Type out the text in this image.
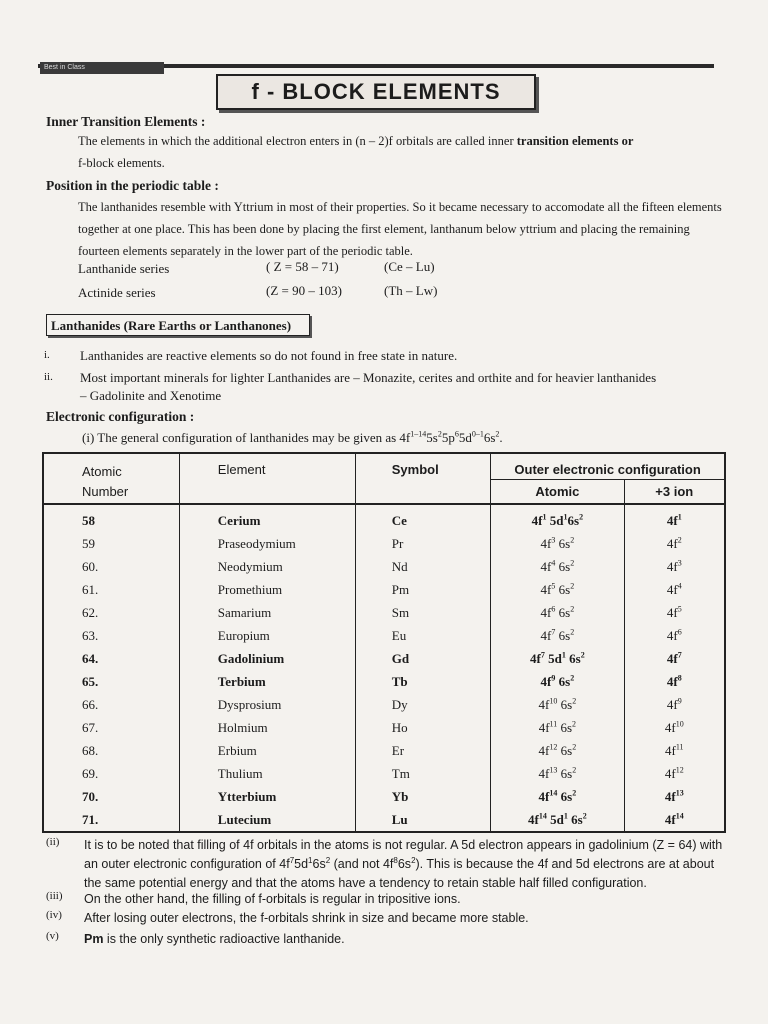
Best in Class
f - BLOCK ELEMENTS
Inner Transition Elements :
The elements in which the additional electron enters in (n – 2)f orbitals are called inner transition elements or
f-block elements.
Position in the periodic table :
The lanthanides resemble with Yttrium in most of their properties. So it became necessary to accomodate all the fifteen elements together at one place. This has been done by placing the first element, lanthanum below yttrium and placing the remaining fourteen elements separately in the lower part of the periodic table.
Lanthanide series	( Z = 58 – 71)	(Ce – Lu)
Actinide series	(Z = 90 – 103)	(Th – Lw)
Lanthanides (Rare Earths or Lanthanones)
i. Lanthanides are reactive elements so do not found in free state in nature.
ii. Most important minerals for lighter Lanthanides are – Monazite, cerites and orthite and for heavier lanthanides
– Gadolinite and Xenotime
Electronic configuration :
(i) The general configuration of lanthanides may be given as $4f^{1-14}5s^25p^65d^{0-1}6s^2$.
Atomic
Number	Element	Symbol	Outer electronic configuration	
			Atomic	+3 ion
58	Cerium	Ce	$4f^1$ $5d^16s^2$	$4f^1$
59	Praseodymium	Pr	$4f^3$ $6s^2$	$4f^2$
60.	Neodymium	Nd	$4f^4$ $6s^2$	$4f^3$
61.	Promethium	Pm	$4f^5$ $6s^2$	$4f^4$
62.	Samarium	Sm	$4f^6$ $6s^2$	$4f^5$
63.	Europium	Eu	$4f^7$ $6s^2$	$4f^6$
64.	Gadolinium	Gd	$4f^7$ $5d^1$ $6s^2$	$4f^7$
65.	Terbium	Tb	$4f^9$ $6s^2$	$4f^8$
66.	Dysprosium	Dy	$4f^{10}$ $6s^2$	$4f^9$
67.	Holmium	Ho	$4f^{11}$ $6s^2$	$4f^{10}$
68.	Erbium	Er	$4f^{12}$ $6s^2$	$4f^{11}$
69.	Thulium	Tm	$4f^{13}$ $6s^2$	$4f^{12}$
70.	Ytterbium	Yb	$4f^{14}$ $6s^2$	$4f^{13}$
71.	Lutecium	Lu	$4f^{14}$ $5d^1$ $6s^2$	$4f^{14}$
(ii)	It is to be noted that filling of 4f orbitals in the atoms is not regular. A 5d electron appears in gadolinium (Z = 64) with an outer electronic configuration of $4f^75d^16s^2$ (and not $4f^86s^2$). This is because the 4f and 5d electrons are at about the same potential energy and that the atoms have a tendency to retain stable half filled configuration.
(iii)	On the other hand, the filling of f-orbitals is regular in tripositive ions.
(iv)	After losing outer electrons, the f-orbitals shrink in size and became more stable.
(v)	Pm is the only synthetic radioactive lanthanide.
